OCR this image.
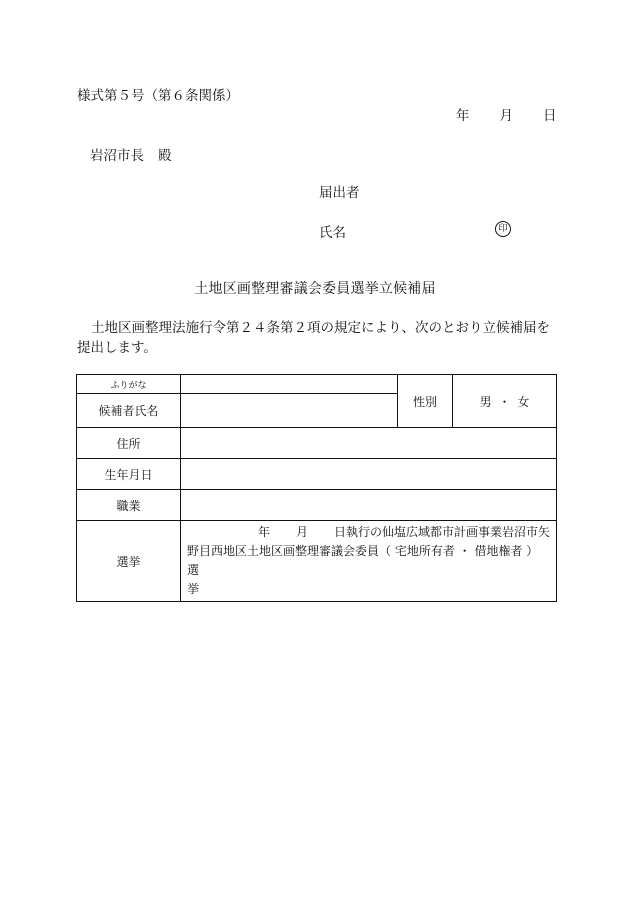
様式第５号（第６条関係）
年 月 日
岩沼市長 殿
届出者
氏名	印
土地区画整理審議会委員選挙立候補届

土地区画整理法施行令第２４条第２項の規定により、次のとおり立候補届を提出します。

ふりがな		性別	男 ・ 女
候補者氏名			
住所			
生年月日			
職業			
選挙	年 月 日執行の仙塩広域都市計画事業岩沼市矢
野目西地区土地区画整理審議会委員（ 宅地所有者 ・ 借地権者 ）選
挙		
